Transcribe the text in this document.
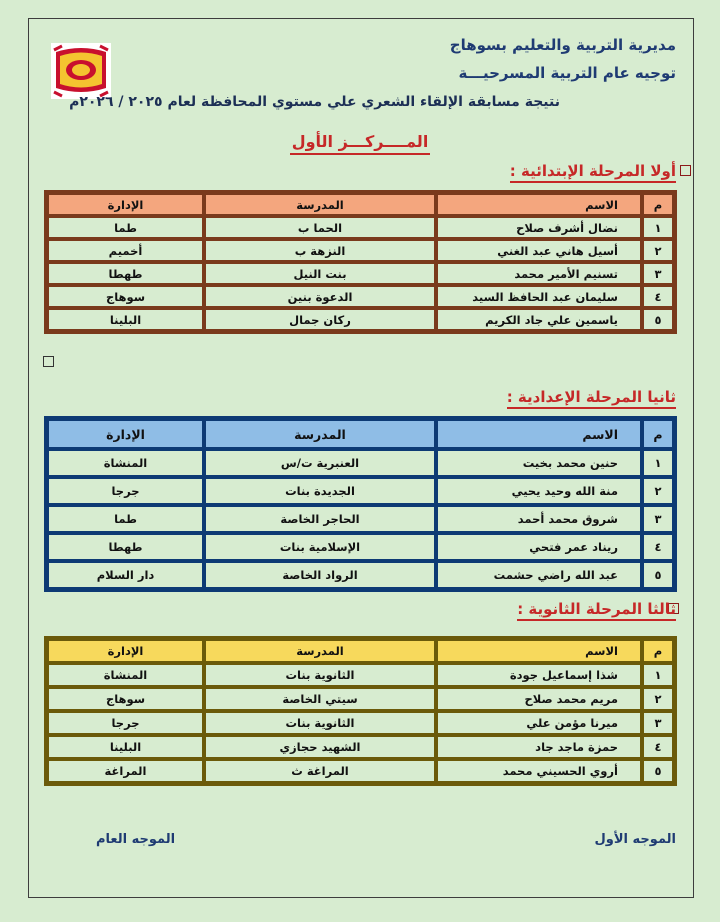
مديرية التربية والتعليم بسوهاج
توجيه عام التربية المسرحيـــة
نتيجة مسابقة الإلقاء الشعري علي مستوي المحافظة لعام ٢٠٢٥ / ٢٠٢٦م
المــــركـــز الأول
أولا المرحلة الإبتدائية :
م	الاسم	المدرسة	الإدارة
١	نضال أشرف صلاح	الحما ب	طما
٢	أسيل هاني عبد الغني	النزهة ب	أخميم
٣	تسنيم الأمير محمد	بنت النيل	طهطا
٤	سليمان عبد الحافظ السيد	الدعوة بنين	سوهاج
٥	ياسمين علي جاد الكريم	ركان جمال	البلينا
ثانيا المرحلة الإعدادية :
م	الاسم	المدرسة	الإدارة
١	حنين محمد بخيت	العنبرية ت/س	المنشاة
٢	منة الله وحيد يحيي	الجديدة بنات	جرجا
٣	شروق محمد أحمد	الحاجر الخاصة	طما
٤	ريناد عمر فتحي	الإسلامية بنات	طهطا
٥	عبد الله راضي حشمت	الرواد الخاصة	دار السلام
ثالثا المرحلة الثانوية :
م	الاسم	المدرسة	الإدارة
١	شذا إسماعيل جودة	الثانوية بنات	المنشاة
٢	مريم محمد صلاح	سيتي الخاصة	سوهاج
٣	ميرنا مؤمن علي	الثانوية بنات	جرجا
٤	حمزة ماجد جاد	الشهيد حجازي	البلينا
٥	أروي الحسيني محمد	المراغة ث	المراغة
الموجه الأول
الموجه العام
